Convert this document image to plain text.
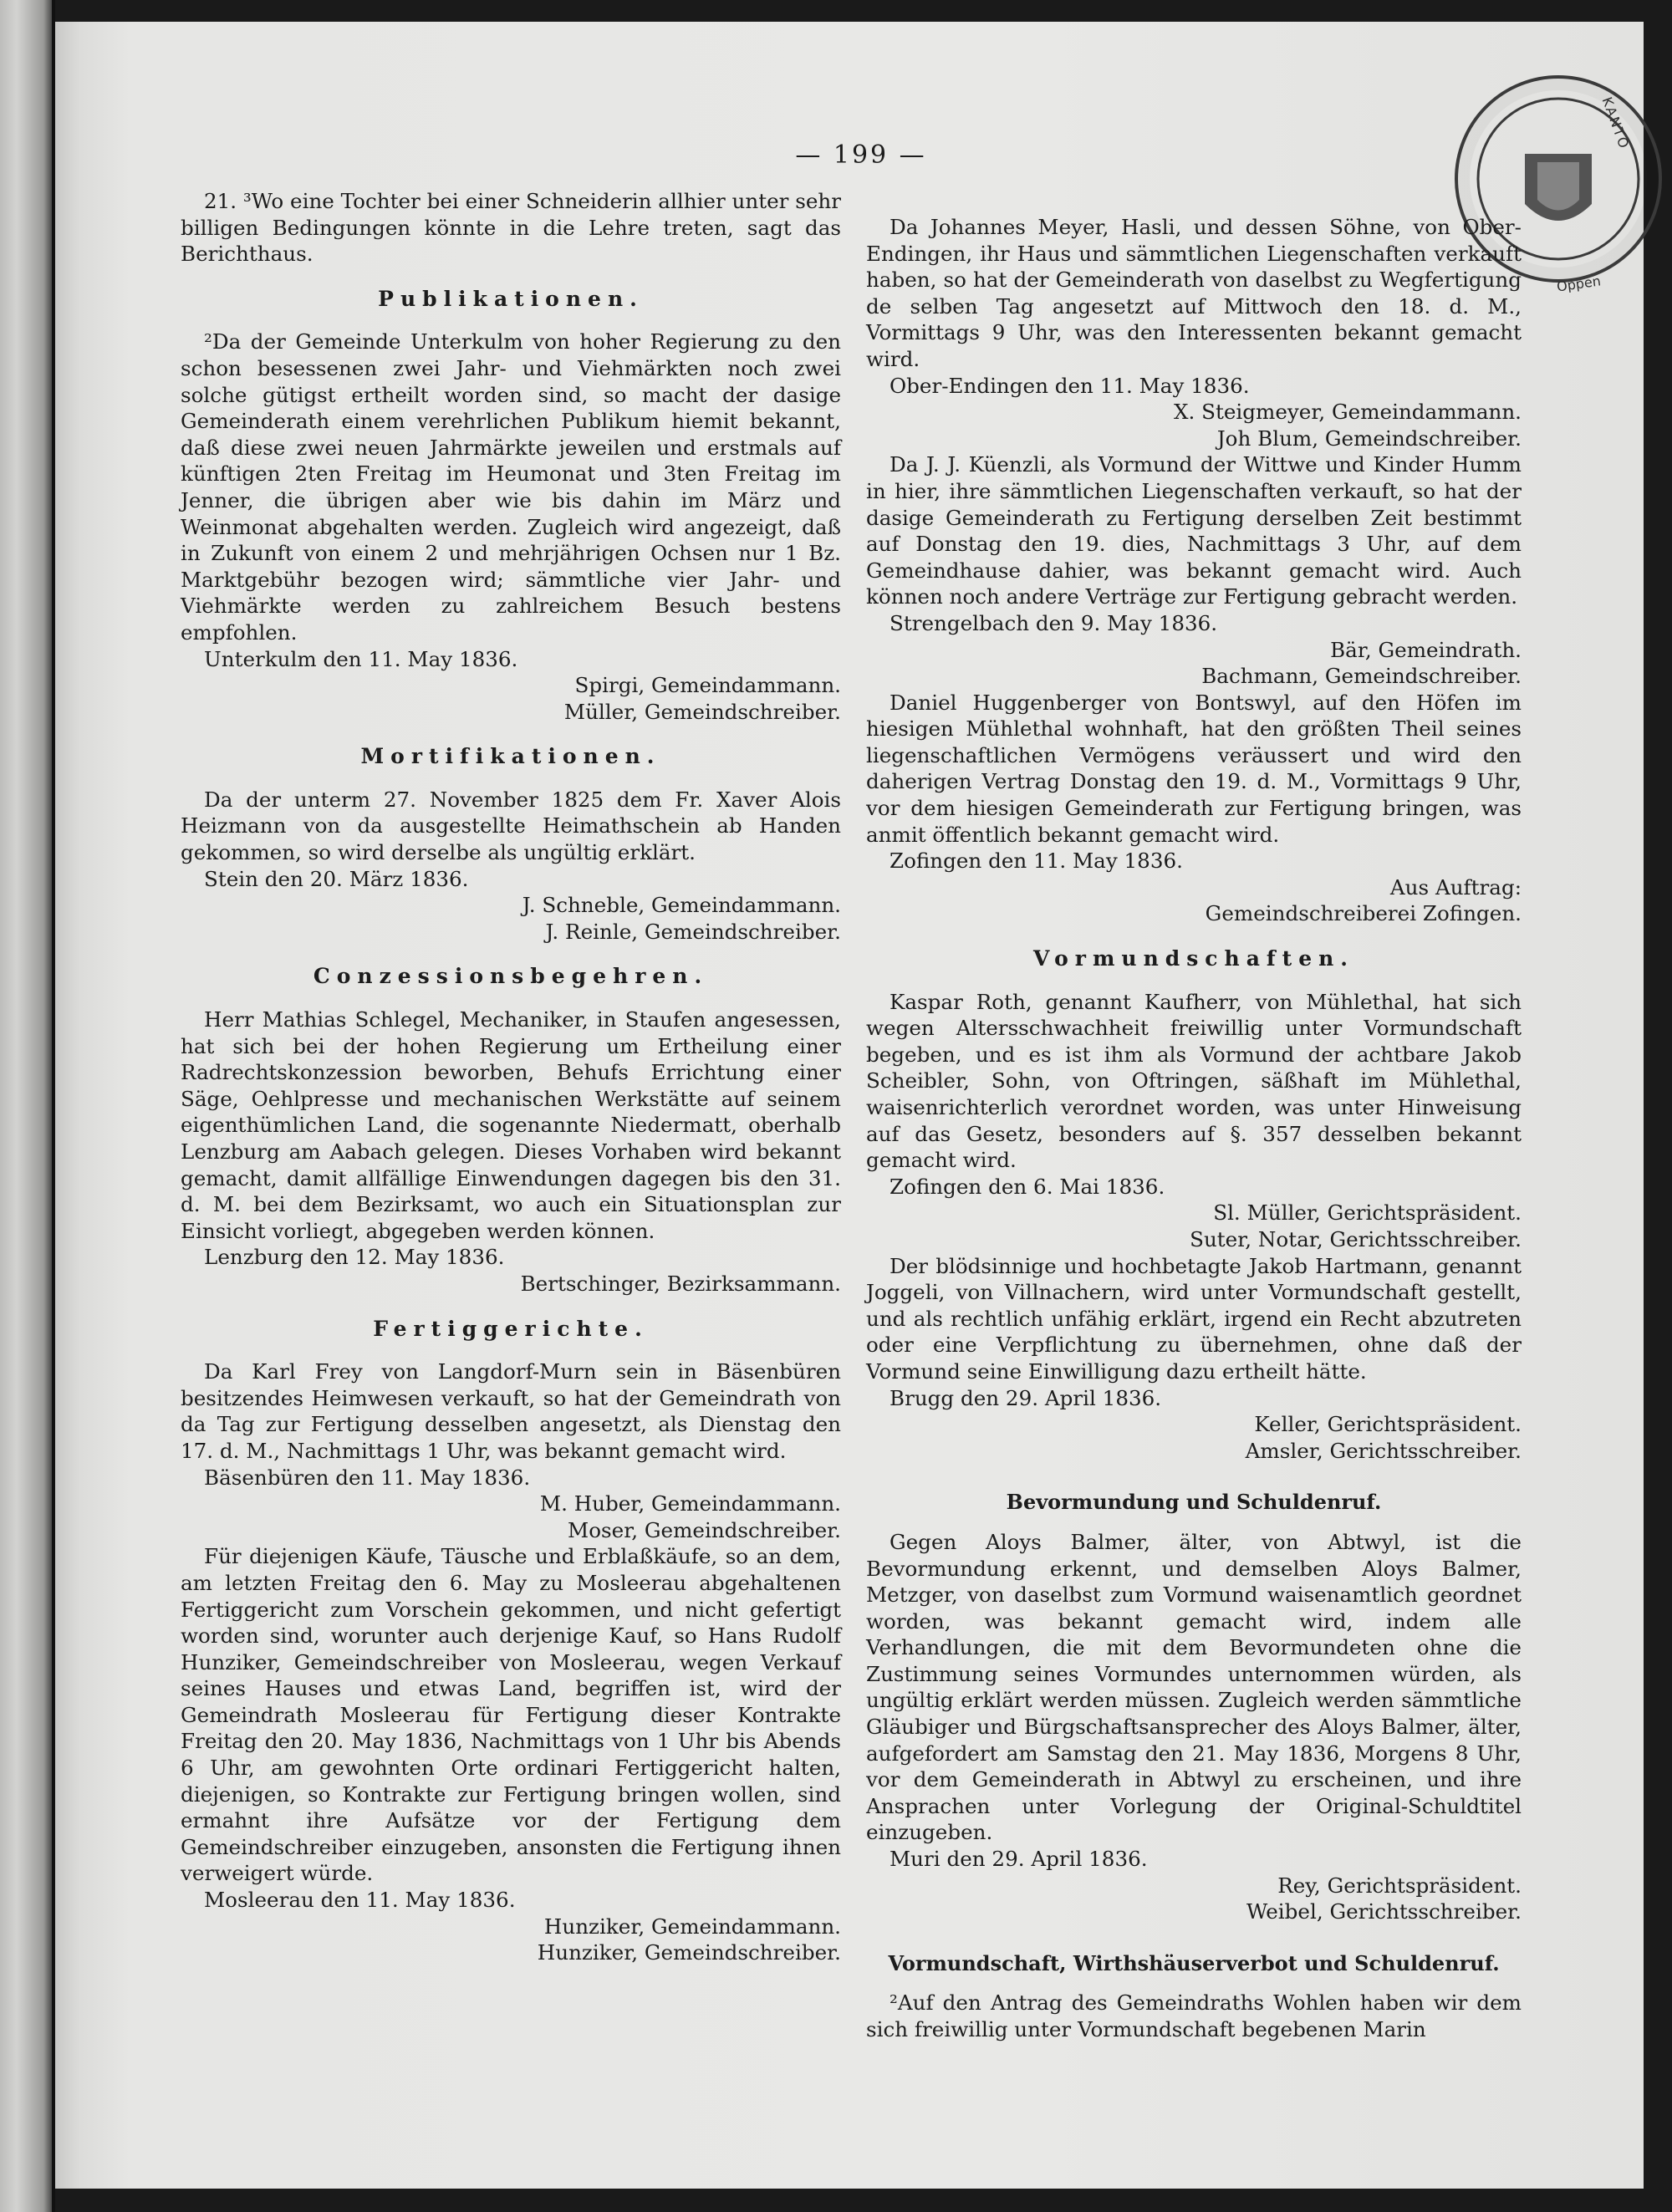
— 199 —
KANTO
Oppen

21. ³Wo eine Tochter bei einer Schneiderin allhier unter sehr billigen Bedingungen könnte in die Lehre treten, sagt das Berichthaus.

Publikationen.

²Da der Gemeinde Unterkulm von hoher Regierung zu den schon besessenen zwei Jahr- und Viehmärkten noch zwei solche gütigst ertheilt worden sind, so macht der dasige Gemeinderath einem verehrlichen Publikum hiemit bekannt, daß diese zwei neuen Jahrmärkte jeweilen und erstmals auf künftigen 2ten Freitag im Heumonat und 3ten Freitag im Jenner, die übrigen aber wie bis dahin im März und Weinmonat abgehalten werden. Zugleich wird angezeigt, daß in Zukunft von einem 2 und mehrjährigen Ochsen nur 1 Bz. Marktgebühr bezogen wird; sämmtliche vier Jahr- und Viehmärkte werden zu zahlreichem Besuch bestens empfohlen.

Unterkulm den 11. May 1836.

Spirgi, Gemeindammann.

Müller, Gemeindschreiber.

Mortifikationen.

Da der unterm 27. November 1825 dem Fr. Xaver Alois Heizmann von da ausgestellte Heimathschein ab Handen gekommen, so wird derselbe als ungültig erklärt.

Stein den 20. März 1836.

J. Schneble, Gemeindammann.

J. Reinle, Gemeindschreiber.

Conzessionsbegehren.

Herr Mathias Schlegel, Mechaniker, in Staufen angesessen, hat sich bei der hohen Regierung um Ertheilung einer Radrechtskonzession beworben, Behufs Errichtung einer Säge, Oehlpresse und mechanischen Werkstätte auf seinem eigenthümlichen Land, die sogenannte Niedermatt, oberhalb Lenzburg am Aabach gelegen. Dieses Vorhaben wird bekannt gemacht, damit allfällige Einwendungen dagegen bis den 31. d. M. bei dem Bezirksamt, wo auch ein Situationsplan zur Einsicht vorliegt, abgegeben werden können.

Lenzburg den 12. May 1836.

Bertschinger, Bezirksammann.

Fertiggerichte.

Da Karl Frey von Langdorf-Murn sein in Bäsenbüren besitzendes Heimwesen verkauft, so hat der Gemeindrath von da Tag zur Fertigung desselben angesetzt, als Dienstag den 17. d. M., Nachmittags 1 Uhr, was bekannt gemacht wird.

Bäsenbüren den 11. May 1836.

M. Huber, Gemeindammann.

Moser, Gemeindschreiber.

Für diejenigen Käufe, Täusche und Erblaßkäufe, so an dem, am letzten Freitag den 6. May zu Mosleerau abgehaltenen Fertiggericht zum Vorschein gekommen, und nicht gefertigt worden sind, worunter auch derjenige Kauf, so Hans Rudolf Hunziker, Gemeindschreiber von Mosleerau, wegen Verkauf seines Hauses und etwas Land, begriffen ist, wird der Gemeindrath Mosleerau für Fertigung dieser Kontrakte Freitag den 20. May 1836, Nachmittags von 1 Uhr bis Abends 6 Uhr, am gewohnten Orte ordinari Fertiggericht halten, diejenigen, so Kontrakte zur Fertigung bringen wollen, sind ermahnt ihre Aufsätze vor der Fertigung dem Gemeindschreiber einzugeben, ansonsten die Fertigung ihnen verweigert würde.

Mosleerau den 11. May 1836.

Hunziker, Gemeindammann.

Hunziker, Gemeindschreiber.

Da Johannes Meyer, Hasli, und dessen Söhne, von Ober-Endingen, ihr Haus und sämmtlichen Liegenschaften verkauft haben, so hat der Gemeinderath von daselbst zu Wegfertigung de selben Tag angesetzt auf Mittwoch den 18. d. M., Vormittags 9 Uhr, was den Interessenten bekannt gemacht wird.

Ober-Endingen den 11. May 1836.

X. Steigmeyer, Gemeindammann.

Joh Blum, Gemeindschreiber.

Da J. J. Küenzli, als Vormund der Wittwe und Kinder Humm in hier, ihre sämmtlichen Liegenschaften verkauft, so hat der dasige Gemeinderath zu Fertigung derselben Zeit bestimmt auf Donstag den 19. dies, Nachmittags 3 Uhr, auf dem Gemeindhause dahier, was bekannt gemacht wird. Auch können noch andere Verträge zur Fertigung gebracht werden.

Strengelbach den 9. May 1836.

Bär, Gemeindrath.

Bachmann, Gemeindschreiber.

Daniel Huggenberger von Bontswyl, auf den Höfen im hiesigen Mühlethal wohnhaft, hat den größten Theil seines liegenschaftlichen Vermögens veräussert und wird den daherigen Vertrag Donstag den 19. d. M., Vormittags 9 Uhr, vor dem hiesigen Gemeinderath zur Fertigung bringen, was anmit öffentlich bekannt gemacht wird.

Zofingen den 11. May 1836.

Aus Auftrag:

Gemeindschreiberei Zofingen.

Vormundschaften.

Kaspar Roth, genannt Kaufherr, von Mühlethal, hat sich wegen Altersschwachheit freiwillig unter Vormundschaft begeben, und es ist ihm als Vormund der achtbare Jakob Scheibler, Sohn, von Oftringen, säßhaft im Mühlethal, waisenrichterlich verordnet worden, was unter Hinweisung auf das Gesetz, besonders auf §. 357 desselben bekannt gemacht wird.

Zofingen den 6. Mai 1836.

Sl. Müller, Gerichtspräsident.

Suter, Notar, Gerichtsschreiber.

Der blödsinnige und hochbetagte Jakob Hartmann, genannt Joggeli, von Villnachern, wird unter Vormundschaft gestellt, und als rechtlich unfähig erklärt, irgend ein Recht abzutreten oder eine Verpflichtung zu übernehmen, ohne daß der Vormund seine Einwilligung dazu ertheilt hätte.

Brugg den 29. April 1836.

Keller, Gerichtspräsident.

Amsler, Gerichtsschreiber.

Bevormundung und Schuldenruf.

Gegen Aloys Balmer, älter, von Abtwyl, ist die Bevormundung erkennt, und demselben Aloys Balmer, Metzger, von daselbst zum Vormund waisenamtlich geordnet worden, was bekannt gemacht wird, indem alle Verhandlungen, die mit dem Bevormundeten ohne die Zustimmung seines Vormundes unternommen würden, als ungültig erklärt werden müssen. Zugleich werden sämmtliche Gläubiger und Bürgschaftsansprecher des Aloys Balmer, älter, aufgefordert am Samstag den 21. May 1836, Morgens 8 Uhr, vor dem Gemeinderath in Abtwyl zu erscheinen, und ihre Ansprachen unter Vorlegung der Original-Schuldtitel einzugeben.

Muri den 29. April 1836.

Rey, Gerichtspräsident.

Weibel, Gerichtsschreiber.

Vormundschaft, Wirthshäuserverbot und Schuldenruf.

²Auf den Antrag des Gemeindraths Wohlen haben wir dem sich freiwillig unter Vormundschaft begebenen Marin
